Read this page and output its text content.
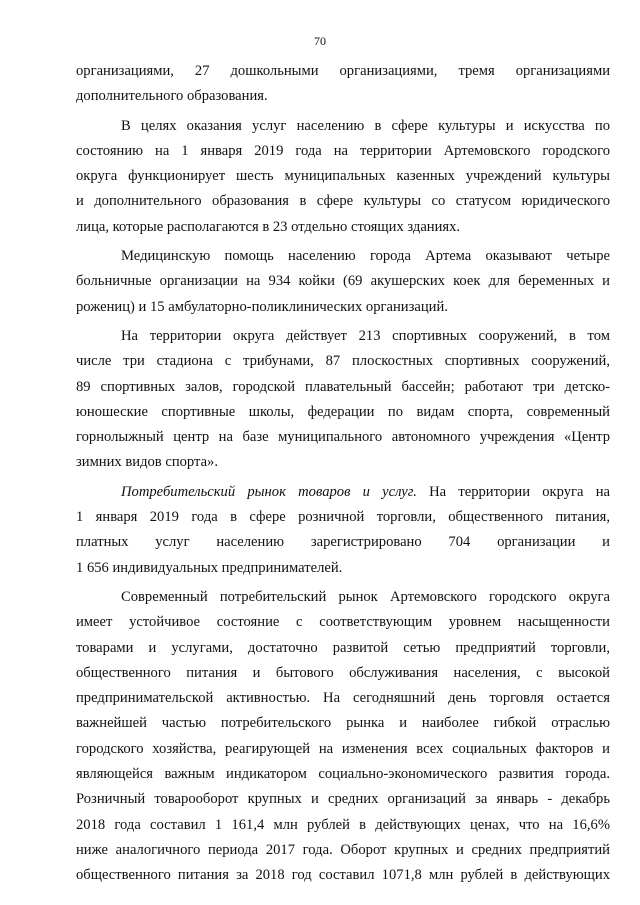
70
организациями, 27 дошкольными организациями, тремя организациями
дополнительного образования.
В целях оказания услуг населению в сфере культуры и искусства по
состоянию на 1 января 2019 года на территории Артемовского городского
округа функционирует шесть муниципальных казенных учреждений культуры
и дополнительного образования в сфере культуры со статусом юридического
лица, которые располагаются в 23 отдельно стоящих зданиях.
Медицинскую помощь населению города Артема оказывают четыре
больничные организации на 934 койки (69 акушерских коек для беременных и
рожениц) и 15 амбулаторно-поликлинических организаций.
На территории округа действует 213 спортивных сооружений, в том
числе три стадиона с трибунами, 87 плоскостных спортивных сооружений,
89 спортивных залов, городской плавательный бассейн; работают три детско-
юношеские спортивные школы, федерации по видам спорта, современный
горнолыжный центр на базе муниципального автономного учреждения «Центр
зимних видов спорта».
Потребительский рынок товаров и услуг. На территории округа на
1 января 2019 года в сфере розничной торговли, общественного питания,
платных услуг населению зарегистрировано 704 организации и
1 656 индивидуальных предпринимателей.
Современный потребительский рынок Артемовского городского округа
имеет устойчивое состояние с соответствующим уровнем насыщенности
товарами и услугами, достаточно развитой сетью предприятий торговли,
общественного питания и бытового обслуживания населения, с высокой
предпринимательской активностью. На сегодняшний день торговля остается
важнейшей частью потребительского рынка и наиболее гибкой отраслью
городского хозяйства, реагирующей на изменения всех социальных факторов и
являющейся важным индикатором социально-экономического развития города.
Розничный товарооборот крупных и средних организаций за январь - декабрь
2018 года составил 1 161,4 млн рублей в действующих ценах, что на 16,6%
ниже аналогичного периода 2017 года. Оборот крупных и средних предприятий
общественного питания за 2018 год составил 1071,8 млн рублей в действующих
